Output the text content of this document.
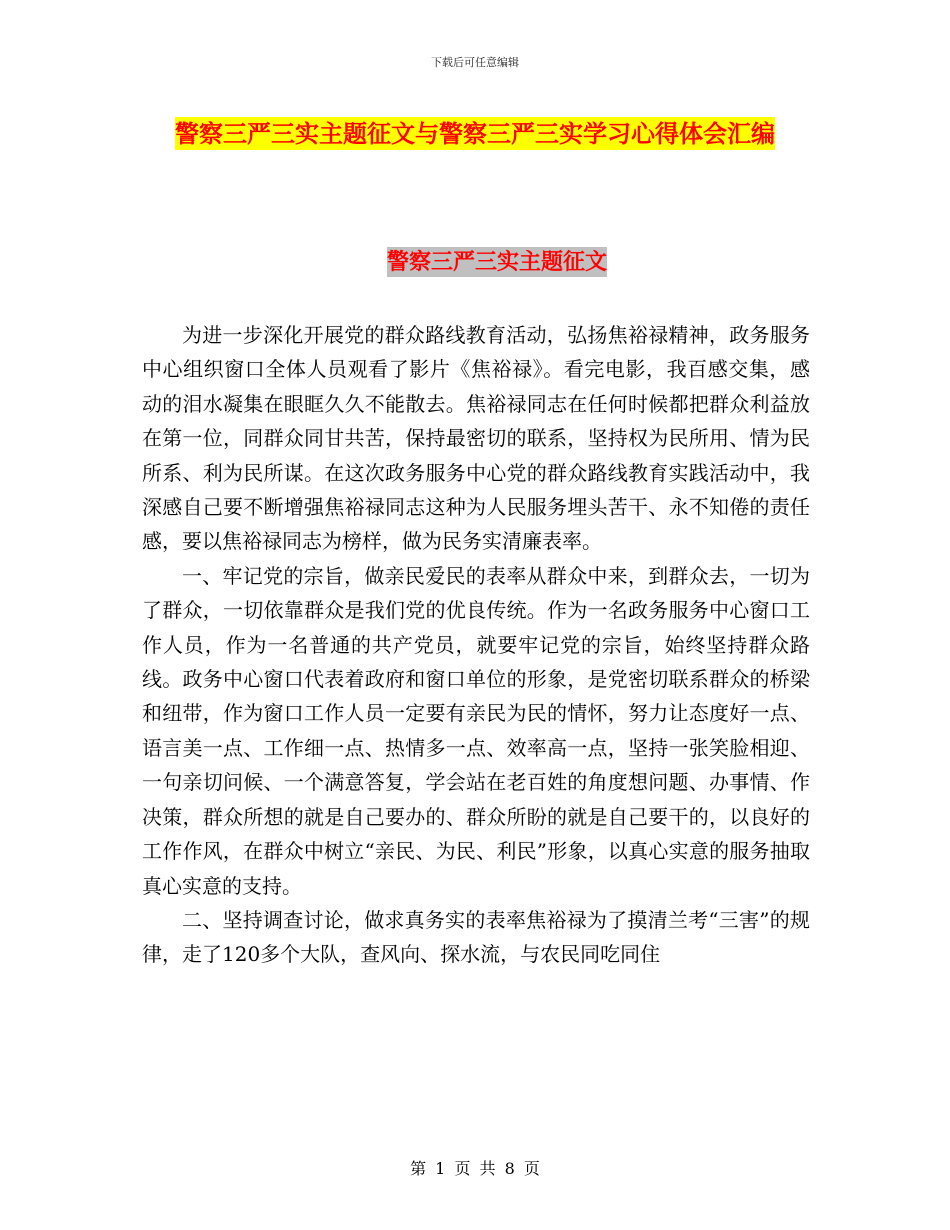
下载后可任意编辑
警察三严三实主题征文与警察三严三实学习心得体会汇编
警察三严三实主题征文

为进一步深化开展党的群众路线教育活动，弘扬焦裕禄精神，政务服务中心组织窗口全体人员观看了影片《焦裕禄》。看完电影，我百感交集，感动的泪水凝集在眼眶久久不能散去。焦裕禄同志在任何时候都把群众利益放在第一位，同群众同甘共苦，保持最密切的联系，坚持权为民所用、情为民所系、利为民所谋。在这次政务服务中心党的群众路线教育实践活动中，我深感自己要不断增强焦裕禄同志这种为人民服务埋头苦干、永不知倦的责任感，要以焦裕禄同志为榜样，做为民务实清廉表率。

一、牢记党的宗旨，做亲民爱民的表率从群众中来，到群众去，一切为了群众，一切依靠群众是我们党的优良传统。作为一名政务服务中心窗口工作人员，作为一名普通的共产党员，就要牢记党的宗旨，始终坚持群众路线。政务中心窗口代表着政府和窗口单位的形象，是党密切联系群众的桥梁和纽带，作为窗口工作人员一定要有亲民为民的情怀，努力让态度好一点、语言美一点、工作细一点、热情多一点、效率高一点，坚持一张笑脸相迎、一句亲切问候、一个满意答复，学会站在老百姓的角度想问题、办事情、作决策，群众所想的就是自己要办的、群众所盼的就是自己要干的，以良好的工作作风，在群众中树立“亲民、为民、利民”形象，以真心实意的服务抽取真心实意的支持。

二、坚持调查讨论，做求真务实的表率焦裕禄为了摸清兰考“三害”的规律，走了120多个大队，查风向、探水流，与农民同吃同住

第 1 页 共 8 页
